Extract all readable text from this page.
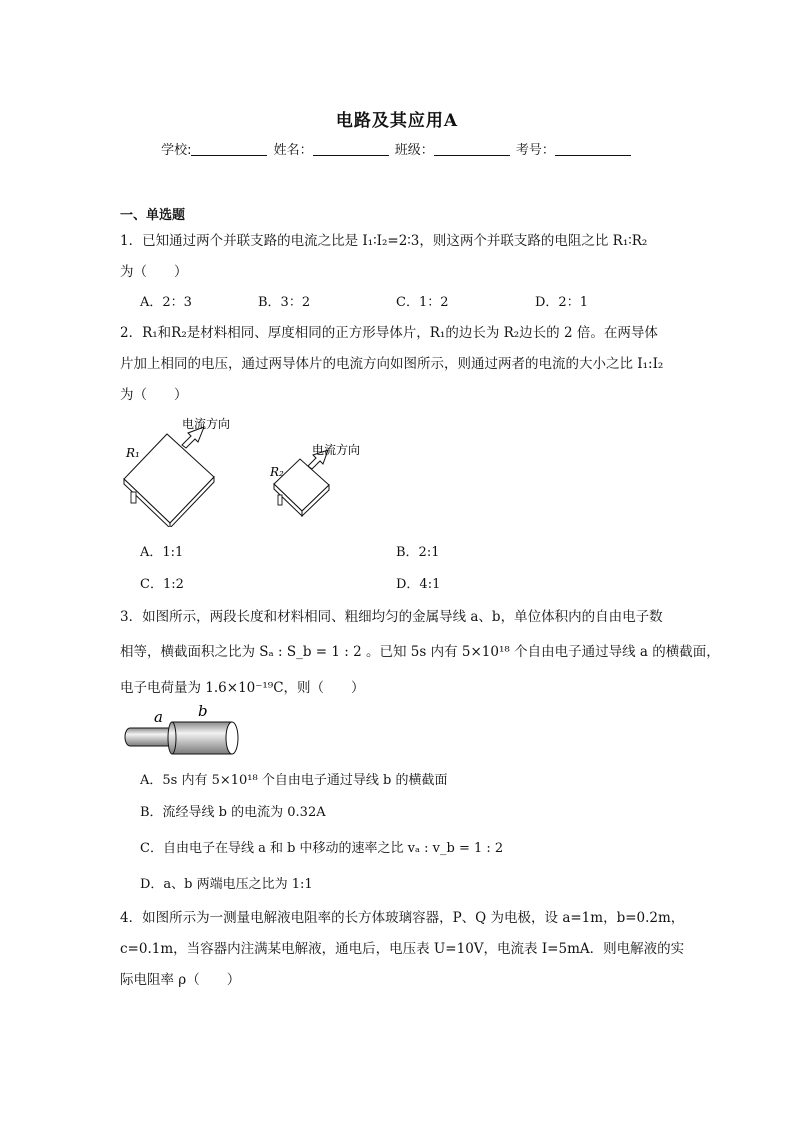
电路及其应用A
学校:	姓名：	班级：	考号：
一、单选题
1．已知通过两个并联支路的电流之比是 I₁∶I₂=2∶3，则这两个并联支路的电阻之比 R₁∶R₂
为（　　）
A．2：3	B．3：2	C．1：2	D．2：1
2．R₁和R₂是材料相同、厚度相同的正方形导体片，R₁的边长为 R₂边长的 2 倍。在两导体
片加上相同的电压，通过两导体片的电流方向如图所示，则通过两者的电流的大小之比 I₁:I₂
为（　　）
R₁
电流方向
R₂
电流方向
A．1:1	B．2:1
C．1:2	D．4:1
3．如图所示，两段长度和材料相同、粗细均匀的金属导线 a、b，单位体积内的自由电子数
相等，横截面积之比为 Sₐ : S_b = 1 : 2 。已知 5s 内有 5×10¹⁸ 个自由电子通过导线 a 的横截面，
电子电荷量为 1.6×10⁻¹⁹C，则（　　）
a b
A．5s 内有 5×10¹⁸ 个自由电子通过导线 b 的横截面
B．流经导线 b 的电流为 0.32A
C．自由电子在导线 a 和 b 中移动的速率之比 vₐ : v_b = 1 : 2
D．a、b 两端电压之比为 1:1
4．如图所示为一测量电解液电阻率的长方体玻璃容器，P、Q 为电极，设 a=1m，b=0.2m，
c=0.1m，当容器内注满某电解液，通电后，电压表 U=10V，电流表 I=5mA．则电解液的实
际电阻率 ρ（　　）
